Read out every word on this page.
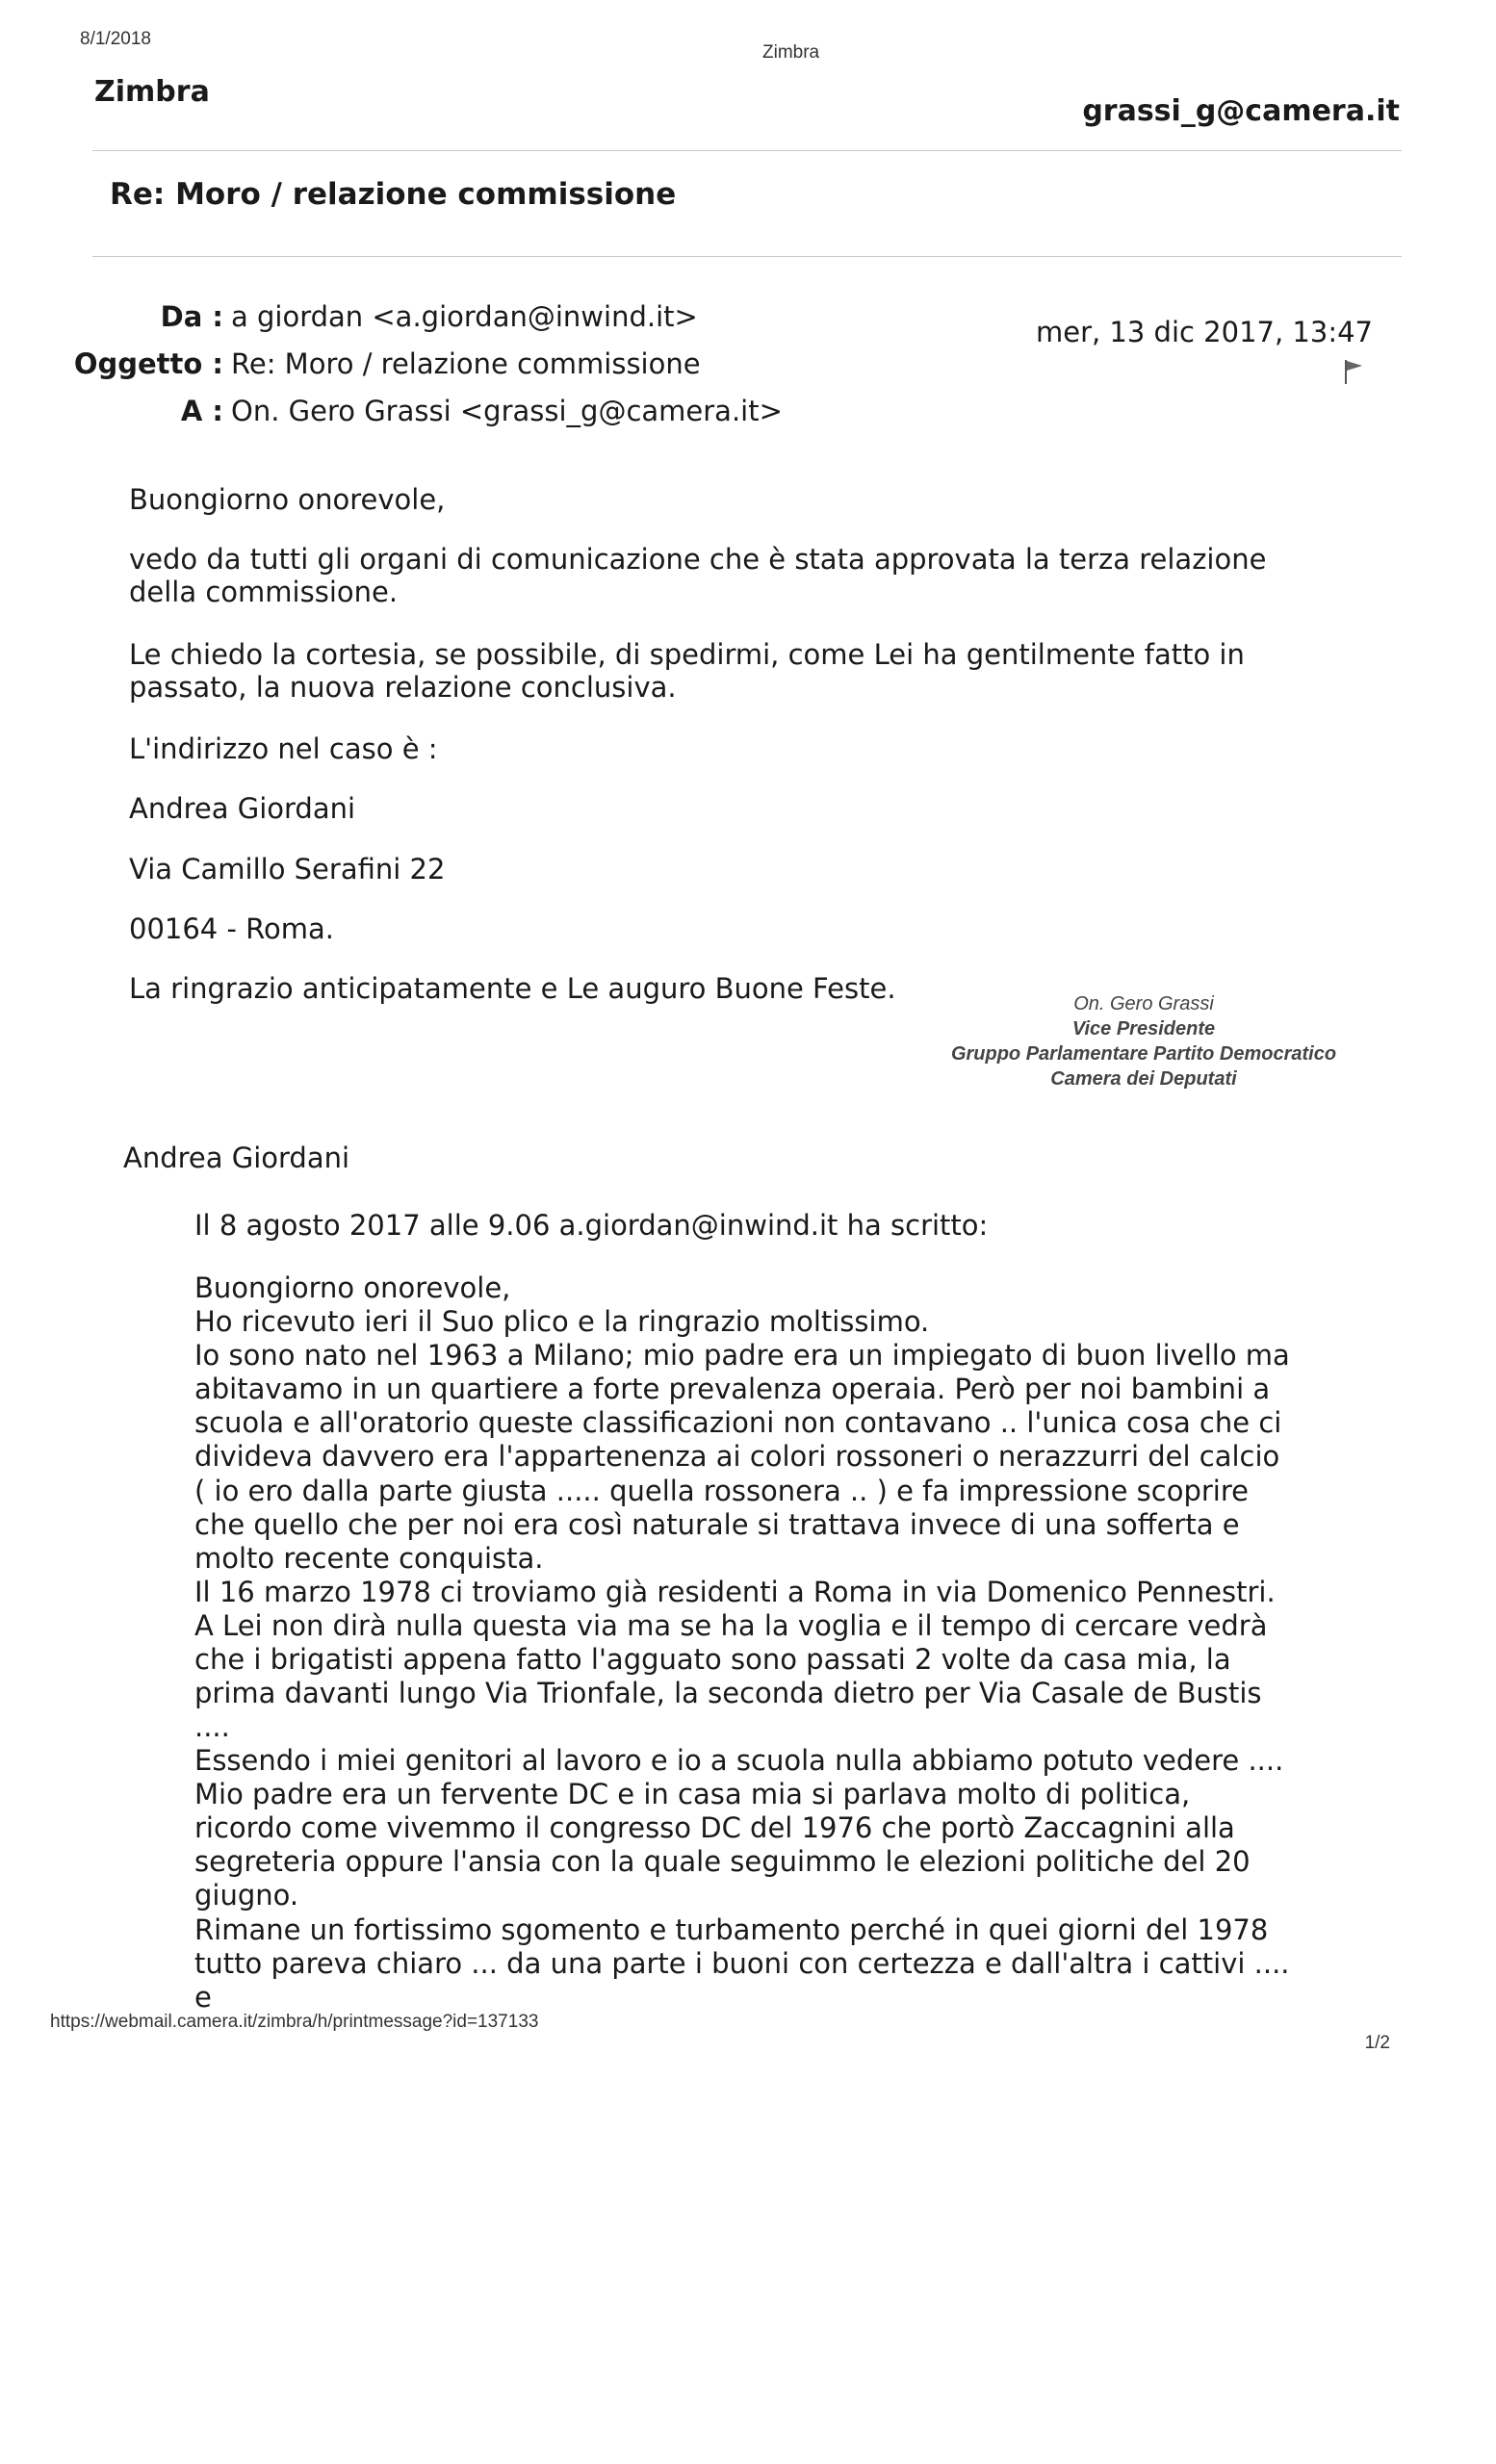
8/1/2018
Zimbra
Zimbra
grassi_g@camera.it
Re: Moro / relazione commissione
Da : a giordan <a.giordan@inwind.it>
Oggetto : Re: Moro / relazione commissione
A : On. Gero Grassi <grassi_g@camera.it>
mer, 13 dic 2017, 13:47

Buongiorno onorevole,

vedo da tutti gli organi di comunicazione che è stata approvata la terza relazione della commissione.

Le chiedo la cortesia, se possibile, di spedirmi, come Lei ha gentilmente fatto in passato, la nuova relazione conclusiva.

L'indirizzo nel caso è :

Andrea Giordani

Via Camillo Serafini 22

00164 - Roma.

La ringrazio anticipatamente e Le auguro Buone Feste.	On. Gero Grassi
Vice Presidente
Gruppo Parlamentare Partito Democratico
Camera dei Deputati
Andrea Giordani
Il 8 agosto 2017 alle 9.06 a.giordan@inwind.it ha scritto:

Buongiorno onorevole,

Ho ricevuto ieri il Suo plico e la ringrazio moltissimo.

Io sono nato nel 1963 a Milano; mio padre era un impiegato di buon livello ma abitavamo in un quartiere a forte prevalenza operaia. Però per noi bambini a scuola e all'oratorio queste classificazioni non contavano .. l'unica cosa che ci divideva davvero era l'appartenenza ai colori rossoneri o nerazzurri del calcio ( io ero dalla parte giusta ..... quella rossonera .. ) e fa impressione scoprire che quello che per noi era così naturale si trattava invece di una sofferta e molto recente conquista.

Il 16 marzo 1978 ci troviamo già residenti a Roma in via Domenico Pennestri. A Lei non dirà nulla questa via ma se ha la voglia e il tempo di cercare vedrà che i brigatisti appena fatto l'agguato sono passati 2 volte da casa mia, la prima davanti lungo Via Trionfale, la seconda dietro per Via Casale de Bustis ....

Essendo i miei genitori al lavoro e io a scuola nulla abbiamo potuto vedere ....

Mio padre era un fervente DC e in casa mia si parlava molto di politica, ricordo come vivemmo il congresso DC del 1976 che portò Zaccagnini alla segreteria oppure l'ansia con la quale seguimmo le elezioni politiche del 20 giugno.

Rimane un fortissimo sgomento e turbamento perché in quei giorni del 1978 tutto pareva chiaro ... da una parte i buoni con certezza e dall'altra i cattivi .... e

https://webmail.camera.it/zimbra/h/printmessage?id=137133
1/2
